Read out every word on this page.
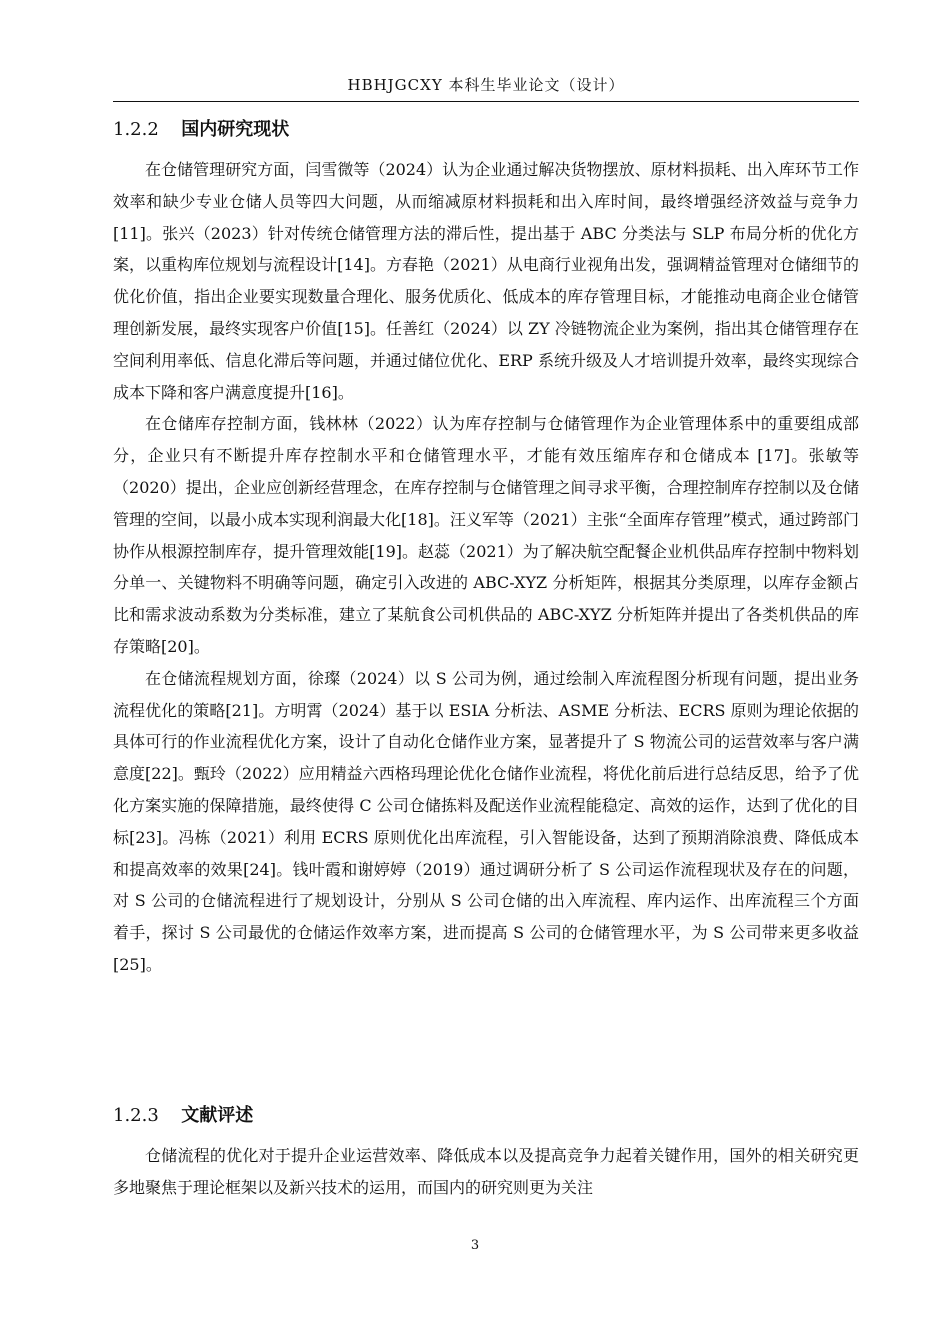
HBHJGCXY 本科生毕业论文（设计）
1.2.2 国内研究现状

在仓储管理研究方面，闫雪微等（2024）认为企业通过解决货物摆放、原材料损耗、出入库环节工作效率和缺少专业仓储人员等四大问题，从而缩减原材料损耗和出入库时间，最终增强经济效益与竞争力[11]。张兴（2023）针对传统仓储管理方法的滞后性，提出基于 ABC 分类法与 SLP 布局分析的优化方案，以重构库位规划与流程设计[14]。方春艳（2021）从电商行业视角出发，强调精益管理对仓储细节的优化价值，指出企业要实现数量合理化、服务优质化、低成本的库存管理目标，才能推动电商企业仓储管理创新发展，最终实现客户价值[15]。任善红（2024）以 ZY 冷链物流企业为案例，指出其仓储管理存在空间利用率低、信息化滞后等问题，并通过储位优化、ERP 系统升级及人才培训提升效率，最终实现综合成本下降和客户满意度提升[16]。

在仓储库存控制方面，钱林林（2022）认为库存控制与仓储管理作为企业管理体系中的重要组成部分，企业只有不断提升库存控制水平和仓储管理水平，才能有效压缩库存和仓储成本 [17]。张敏等（2020）提出，企业应创新经营理念，在库存控制与仓储管理之间寻求平衡，合理控制库存控制以及仓储管理的空间，以最小成本实现利润最大化[18]。汪义军等（2021）主张“全面库存管理”模式，通过跨部门协作从根源控制库存，提升管理效能[19]。赵蕊（2021）为了解决航空配餐企业机供品库存控制中物料划分单一、关键物料不明确等问题，确定引入改进的 ABC-XYZ 分析矩阵，根据其分类原理，以库存金额占比和需求波动系数为分类标准，建立了某航食公司机供品的 ABC-XYZ 分析矩阵并提出了各类机供品的库存策略[20]。

在仓储流程规划方面，徐璨（2024）以 S 公司为例，通过绘制入库流程图分析现有问题，提出业务流程优化的策略[21]。方明霄（2024）基于以 ESIA 分析法、ASME 分析法、ECRS 原则为理论依据的具体可行的作业流程优化方案，设计了自动化仓储作业方案，显著提升了 S 物流公司的运营效率与客户满意度[22]。甄玲（2022）应用精益六西格玛理论优化仓储作业流程，将优化前后进行总结反思，给予了优化方案实施的保障措施，最终使得 C 公司仓储拣料及配送作业流程能稳定、高效的运作，达到了优化的目标[23]。冯栋（2021）利用 ECRS 原则优化出库流程，引入智能设备，达到了预期消除浪费、降低成本和提高效率的效果[24]。钱叶霞和谢婷婷（2019）通过调研分析了 S 公司运作流程现状及存在的问题，对 S 公司的仓储流程进行了规划设计，分别从 S 公司仓储的出入库流程、库内运作、出库流程三个方面着手，探讨 S 公司最优的仓储运作效率方案，进而提高 S 公司的仓储管理水平，为 S 公司带来更多收益[25]。

1.2.3 文献评述

仓储流程的优化对于提升企业运营效率、降低成本以及提高竞争力起着关键作用，国外的相关研究更多地聚焦于理论框架以及新兴技术的运用，而国内的研究则更为关注

3
